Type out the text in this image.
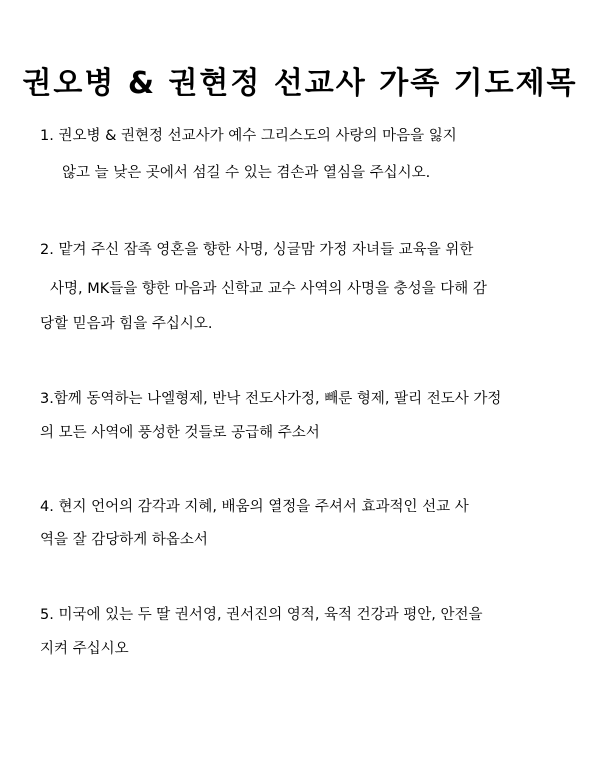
권오병 & 권현정 선교사 가족 기도제목
1. 권오병 & 권현정 선교사가 예수 그리스도의 사랑의 마음을 잃지
않고 늘 낮은 곳에서 섬길 수 있는 겸손과 열심을 주십시오.
2. 맡겨 주신 잠족 영혼을 향한 사명, 싱글맘 가정 자녀들 교육을 위한
사명, MK들을 향한 마음과 신학교 교수 사역의 사명을 충성을 다해 감
당할 믿음과 힘을 주십시오.
3.함께 동역하는 나엘형제, 반낙 전도사가정, 빼룬 형제, 팔리 전도사 가정
의 모든 사역에 풍성한 것들로 공급해 주소서
4. 현지 언어의 감각과 지혜, 배움의 열정을 주셔서 효과적인 선교 사
역을 잘 감당하게 하옵소서
5. 미국에 있는 두 딸 권서영, 권서진의 영적, 육적 건강과 평안, 안전을
지켜 주십시오
